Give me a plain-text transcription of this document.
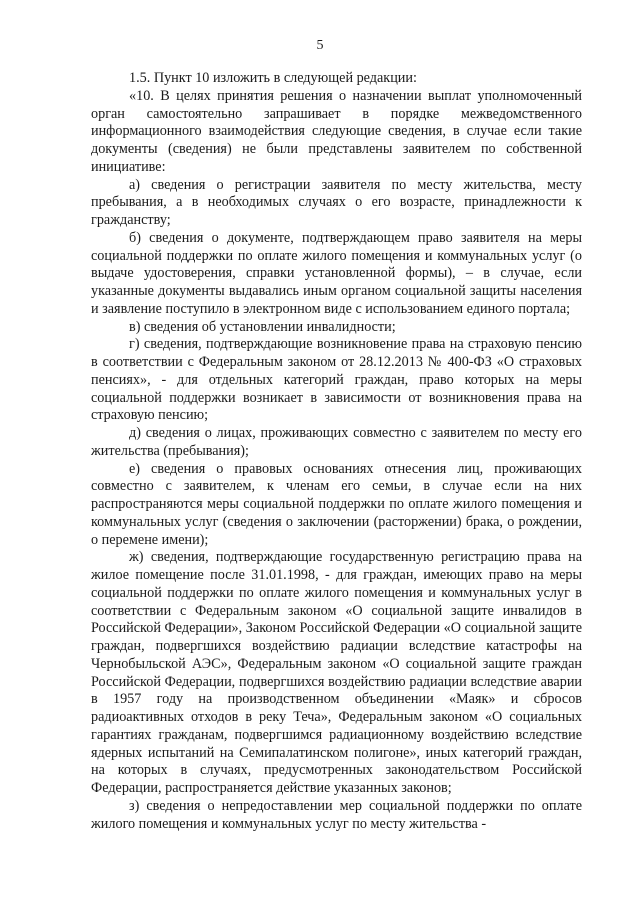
5

1.5. Пункт 10 изложить в следующей редакции:

«10. В целях принятия решения о назначении выплат уполномоченный орган самостоятельно запрашивает в порядке межведомственного информационного взаимодействия следующие сведения, в случае если такие документы (сведения) не были представлены заявителем по собственной инициативе:

а) сведения о регистрации заявителя по месту жительства, месту пребывания, а в необходимых случаях о его возрасте, принадлежности к гражданству;

б) сведения о документе, подтверждающем право заявителя на меры социальной поддержки по оплате жилого помещения и коммунальных услуг (о выдаче удостоверения, справки установленной формы), – в случае, если указанные документы выдавались иным органом социальной защиты населения и заявление поступило в электронном виде с использованием единого портала;

в) сведения об установлении инвалидности;

г) сведения, подтверждающие возникновение права на страховую пенсию в соответствии с Федеральным законом от 28.12.2013 № 400-ФЗ «О страховых пенсиях», - для отдельных категорий граждан, право которых на меры социальной поддержки возникает в зависимости от возникновения права на страховую пенсию;

д) сведения о лицах, проживающих совместно с заявителем по месту его жительства (пребывания);

е) сведения о правовых основаниях отнесения лиц, проживающих совместно с заявителем, к членам его семьи, в случае если на них распространяются меры социальной поддержки по оплате жилого помещения и коммунальных услуг (сведения о заключении (расторжении) брака, о рождении, о перемене имени);

ж) сведения, подтверждающие государственную регистрацию права на жилое помещение после 31.01.1998, - для граждан, имеющих право на меры социальной поддержки по оплате жилого помещения и коммунальных услуг в соответствии с Федеральным законом «О социальной защите инвалидов в Российской Федерации», Законом Российской Федерации «О социальной защите граждан, подвергшихся воздействию радиации вследствие катастрофы на Чернобыльской АЭС», Федеральным законом «О социальной защите граждан Российской Федерации, подвергшихся воздействию радиации вследствие аварии в 1957 году на производственном объединении «Маяк» и сбросов радиоактивных отходов в реку Теча», Федеральным законом «О социальных гарантиях гражданам, подвергшимся радиационному воздействию вследствие ядерных испытаний на Семипалатинском полигоне», иных категорий граждан, на которых в случаях, предусмотренных законодательством Российской Федерации, распространяется действие указанных законов;

з) сведения о непредоставлении мер социальной поддержки по оплате жилого помещения и коммунальных услуг по месту жительства -
